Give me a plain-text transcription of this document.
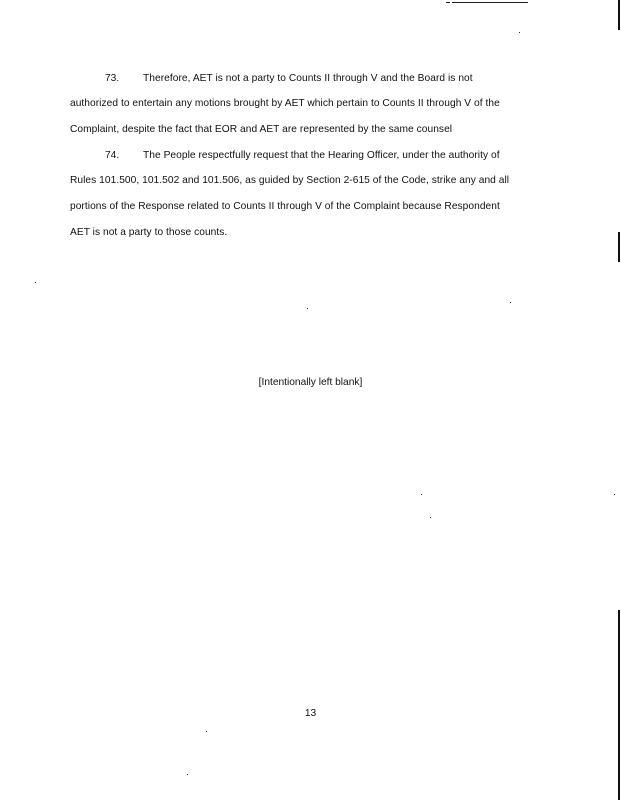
73. Therefore, AET is not a party to Counts II through V and the Board is not
authorized to entertain any motions brought by AET which pertain to Counts II through V of the
Complaint, despite the fact that EOR and AET are represented by the same counsel
74. The People respectfully request that the Hearing Officer, under the authority of
Rules 101.500, 101.502 and 101.506, as guided by Section 2-615 of the Code, strike any and all
portions of the Response related to Counts II through V of the Complaint because Respondent
AET is not a party to those counts.
[Intentionally left blank]
13
